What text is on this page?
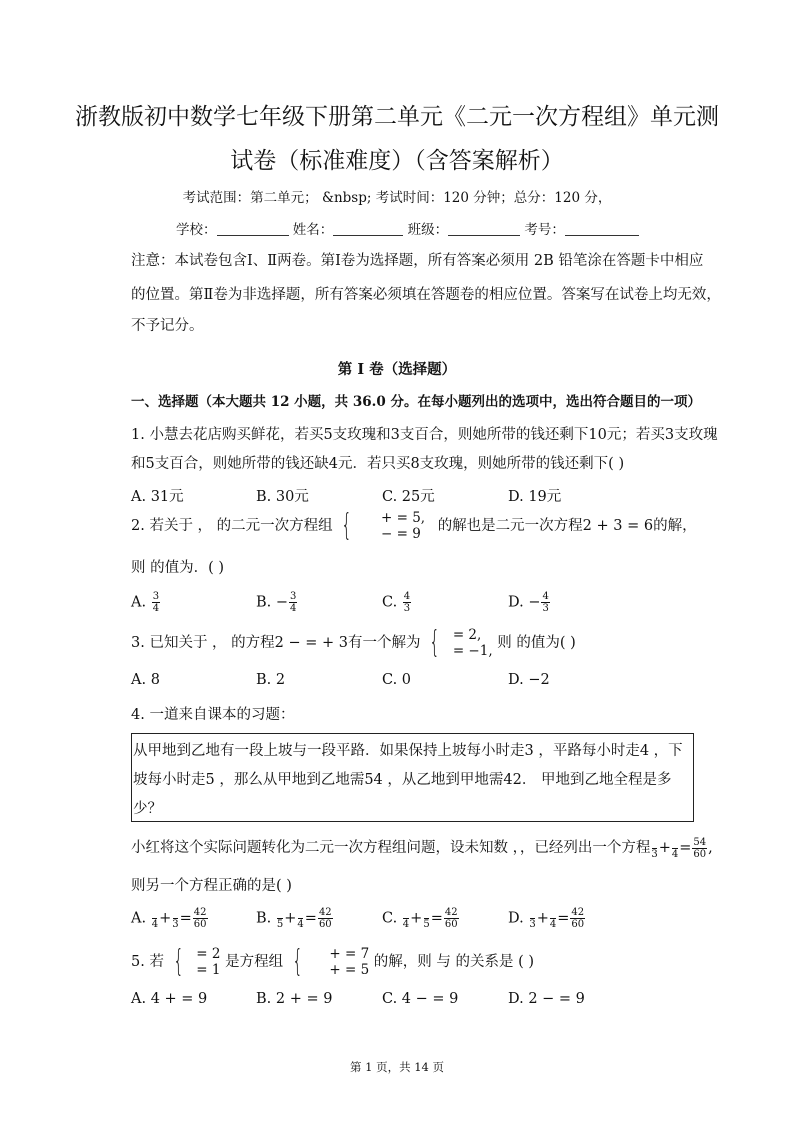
浙教版初中数学七年级下册第二单元《二元一次方程组》单元测
试卷（标准难度）（含答案解析）
考试范围：第二单元； &nbsp; 考试时间：120 分钟；总分：120 分，
学校：	姓名：	班级：	考号：
注意：本试卷包含Ⅰ、Ⅱ两卷。第Ⅰ卷为选择题，所有答案必须用 2B 铅笔涂在答题卡中相应
的位置。第Ⅱ卷为非选择题，所有答案必须填在答题卷的相应位置。答案写在试卷上均无效，
不予记分。
第 I 卷（选择题）
一、选择题（本大题共 12 小题，共 36.0 分。在每小题列出的选项中，选出符合题目的一项）
1. 小慧去花店购买鲜花，若买5支玫瑰和3支百合，则她所带的钱还剩下10元；若买3支玫瑰
和5支百合，则她所带的钱还缺4元．若只买8支玫瑰，则她所带的钱还剩下( )
A. 31元	B. 30元	C. 25元	D. 19元
2. 若关于 ， 的二元一次方程组 { + = 5,
− = 9 的解也是二元一次方程2 + 3 = 6的解，
则 的值为．( )
A. $\frac{3}{4}$	B. − $\frac{3}{4}$	C. $\frac{4}{3}$	D. − $\frac{4}{3}$
3. 已知关于 ， 的方程2 − = + 3有一个解为 { = 2,
= −1, 则 的值为( )
A. 8	B. 2	C. 0	D. −2
4. 一道来自课本的习题：
从甲地到乙地有一段上坡与一段平路．如果保持上坡每小时走3 ，平路每小时走4 ，下
坡每小时走5 ，那么从甲地到乙地需54 ，从乙地到甲地需42． 甲地到乙地全程是多
少？
小红将这个实际问题转化为二元一次方程组问题，设未知数 ，，已经列出一个方程
3 +
$4 = \frac{54}{60}$ ,
则另一个方程正确的是( )
A.
4 +
$3 = \frac{42}{60}$	B.
5 +
$4 = \frac{42}{60}$	C.
4 +
$5 = \frac{42}{60}$	D.
3 +
$4 = \frac{42}{60}$
5. 若 { = 2
= 1 是方程组 { + = 7
+ = 5 的解，则 与 的关系是 ( )
A. 4 + = 9	B. 2 + = 9	C. 4 − = 9	D. 2 − = 9
第 1 页，共 14 页
